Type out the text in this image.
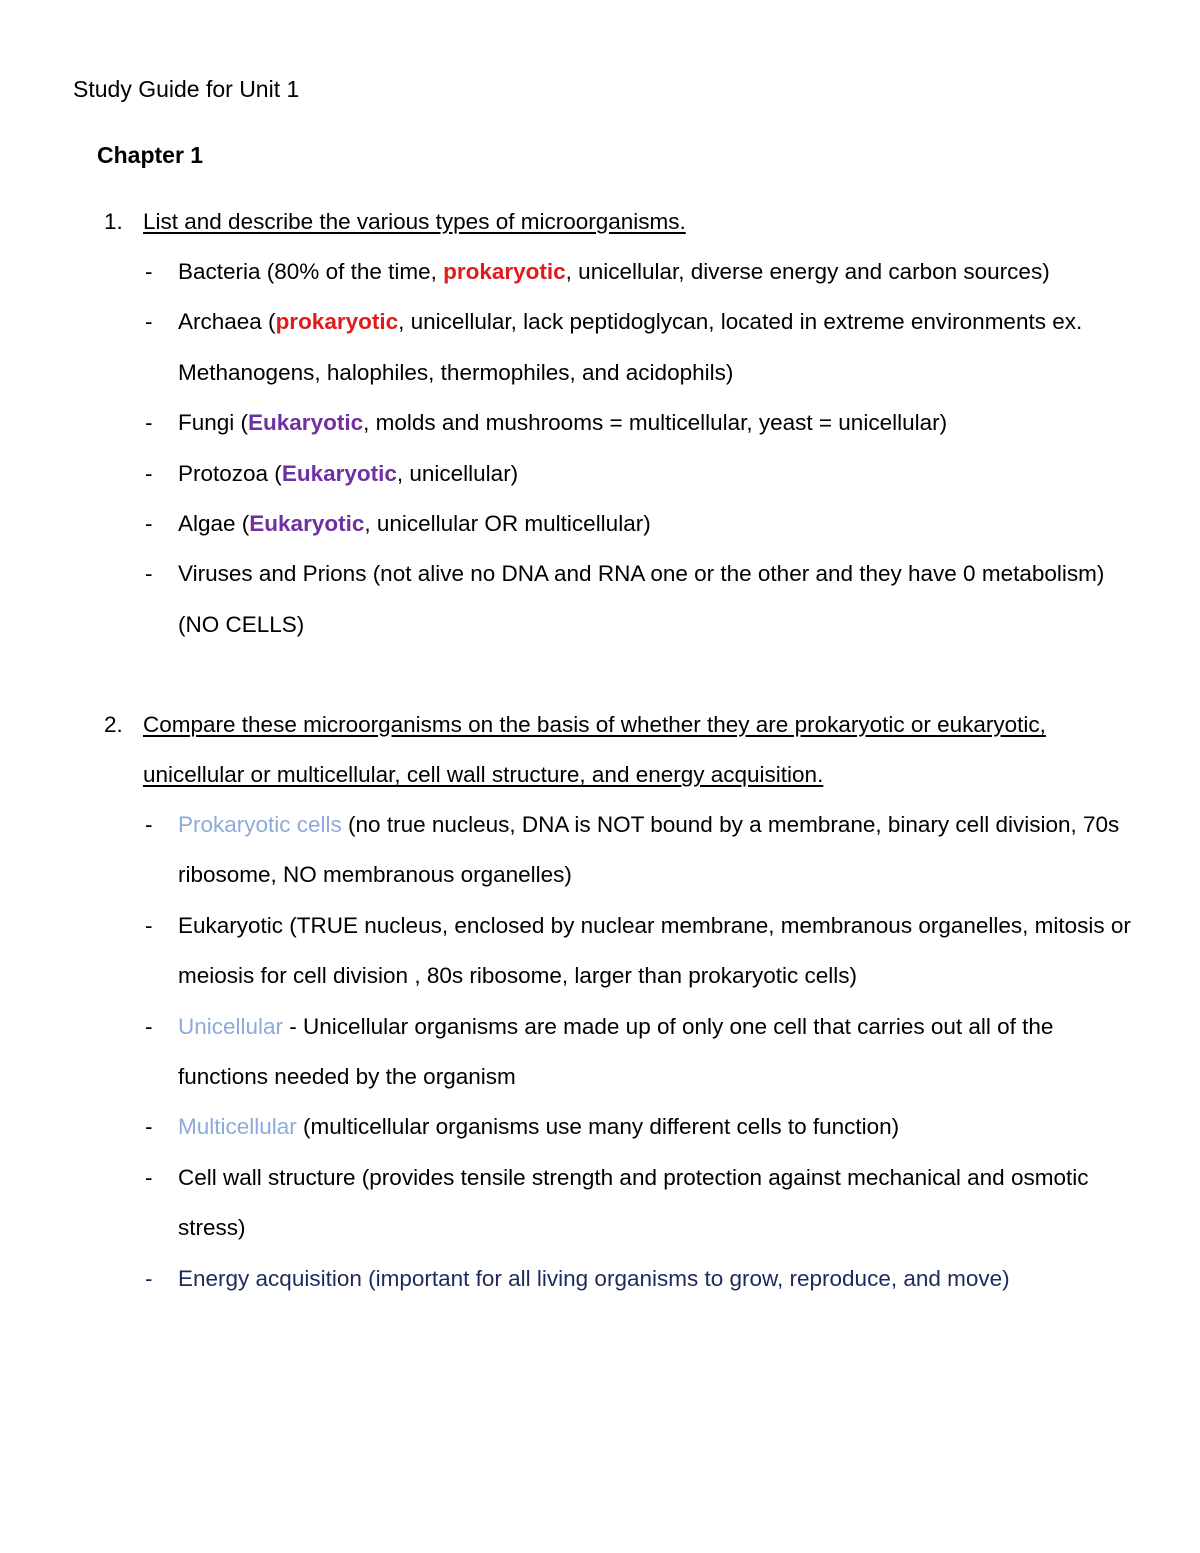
Study Guide for Unit 1
Chapter 1
1. List and describe the various types of microorganisms.
- Bacteria (80% of the time, prokaryotic, unicellular, diverse energy and carbon sources)
- Archaea (prokaryotic, unicellular, lack peptidoglycan, located in extreme environments ex. Methanogens, halophiles, thermophiles, and acidophils)
- Fungi (Eukaryotic, molds and mushrooms = multicellular, yeast = unicellular)
- Protozoa (Eukaryotic, unicellular)
- Algae (Eukaryotic, unicellular OR multicellular)
- Viruses and Prions (not alive no DNA and RNA one or the other and they have 0 metabolism) (NO CELLS)
2. Compare these microorganisms on the basis of whether they are prokaryotic or eukaryotic, unicellular or multicellular, cell wall structure, and energy acquisition.
- Prokaryotic cells (no true nucleus, DNA is NOT bound by a membrane, binary cell division, 70s ribosome, NO membranous organelles)
- Eukaryotic (TRUE nucleus, enclosed by nuclear membrane, membranous organelles, mitosis or meiosis for cell division , 80s ribosome, larger than prokaryotic cells)
- Unicellular - Unicellular organisms are made up of only one cell that carries out all of the functions needed by the organism
- Multicellular (multicellular organisms use many different cells to function)
- Cell wall structure (provides tensile strength and protection against mechanical and osmotic stress)
- Energy acquisition (important for all living organisms to grow, reproduce, and move)
